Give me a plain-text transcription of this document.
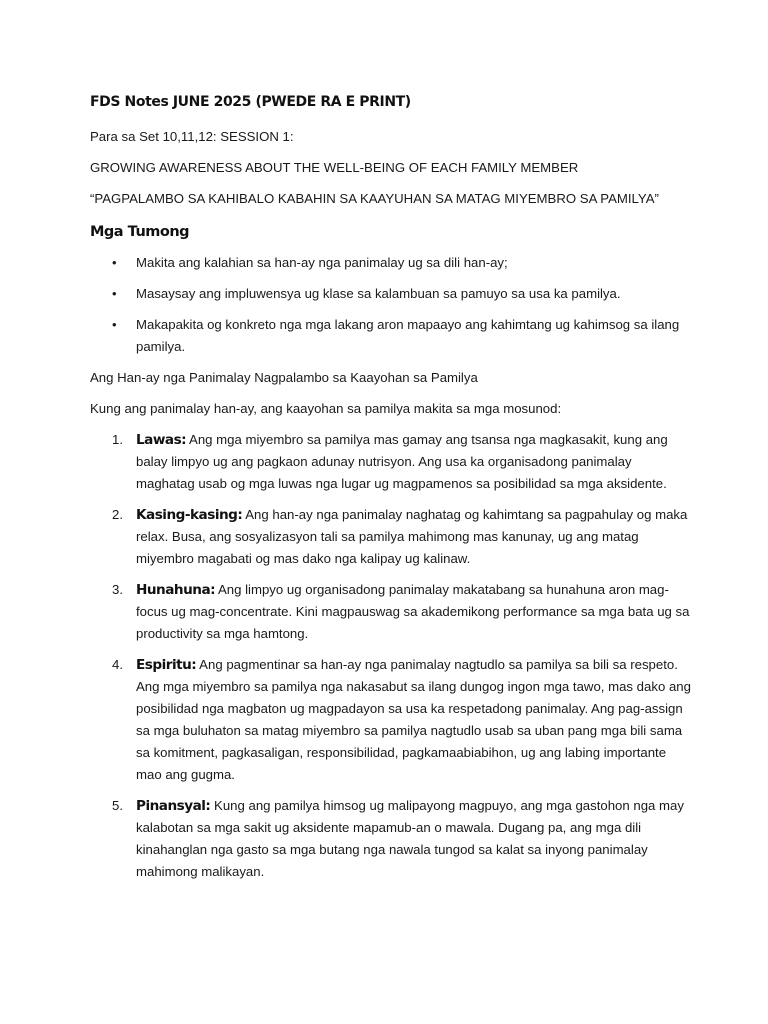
FDS Notes JUNE 2025 (PWEDE RA E PRINT)

Para sa Set 10,11,12: SESSION 1:

GROWING AWARENESS ABOUT THE WELL-BEING OF EACH FAMILY MEMBER

“PAGPALAMBO SA KAHIBALO KABAHIN SA KAAYUHAN SA MATAG MIYEMBRO SA PAMILYA”

Mga Tumong
• Makita ang kalahian sa han-ay nga panimalay ug sa dili han-ay;
• Masaysay ang impluwensya ug klase sa kalambuan sa pamuyo sa usa ka pamilya.
• Makapakita og konkreto nga mga lakang aron mapaayo ang kahimtang ug kahimsog sa ilang pamilya.

Ang Han-ay nga Panimalay Nagpalambo sa Kaayohan sa Pamilya

Kung ang panimalay han-ay, ang kaayohan sa pamilya makita sa mga mosunod:

1. Lawas: Ang mga miyembro sa pamilya mas gamay ang tsansa nga magkasakit, kung ang balay limpyo ug ang pagkaon adunay nutrisyon. Ang usa ka organisadong panimalay maghatag usab og mga luwas nga lugar ug magpamenos sa posibilidad sa mga aksidente.
2. Kasing-kasing: Ang han-ay nga panimalay naghatag og kahimtang sa pagpahulay og maka relax. Busa, ang sosyalizasyon tali sa pamilya mahimong mas kanunay, ug ang matag miyembro magabati og mas dako nga kalipay ug kalinaw.
3. Hunahuna: Ang limpyo ug organisadong panimalay makatabang sa hunahuna aron mag-focus ug mag-concentrate. Kini magpauswag sa akademikong performance sa mga bata ug sa productivity sa mga hamtong.
4. Espiritu: Ang pagmentinar sa han-ay nga panimalay nagtudlo sa pamilya sa bili sa respeto. Ang mga miyembro sa pamilya nga nakasabut sa ilang dungog ingon mga tawo, mas dako ang posibilidad nga magbaton ug magpadayon sa usa ka respetadong panimalay. Ang pag-assign sa mga buluhaton sa matag miyembro sa pamilya nagtudlo usab sa uban pang mga bili sama sa komitment, pagkasaligan, responsibilidad, pagkamaabiabihon, ug ang labing importante mao ang gugma.
5. Pinansyal: Kung ang pamilya himsog ug malipayong magpuyo, ang mga gastohon nga may kalabotan sa mga sakit ug aksidente mapamub-an o mawala. Dugang pa, ang mga dili kinahanglan nga gasto sa mga butang nga nawala tungod sa kalat sa inyong panimalay mahimong malikayan.
